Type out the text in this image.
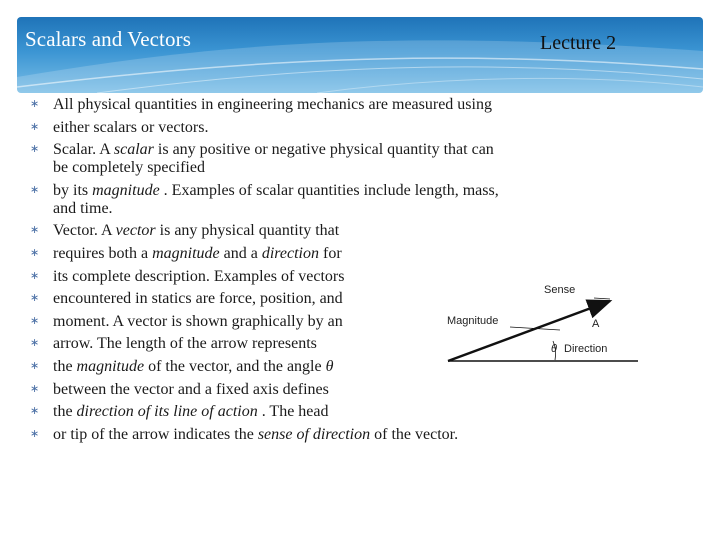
Scalars and Vectors	Lecture 2
∗ All physical quantities in engineering mechanics are measured using
∗ either scalars or vectors.
∗ Scalar. A scalar is any positive or negative physical quantity that can
be completely specified
∗ by its magnitude . Examples of scalar quantities include length, mass,
and time.
∗ Vector. A vector is any physical quantity that
∗ requires both a magnitude and a direction for
∗ its complete description. Examples of vectors
∗ encountered in statics are force, position, and
∗ moment. A vector is shown graphically by an
∗ arrow. The length of the arrow represents
∗ the magnitude of the vector, and the angle θ
∗ between the vector and a fixed axis defines
∗ the direction of its line of action . The head
∗ or tip of the arrow indicates the sense of direction of the vector.
Sense
Magnitude	A
θ Direction
